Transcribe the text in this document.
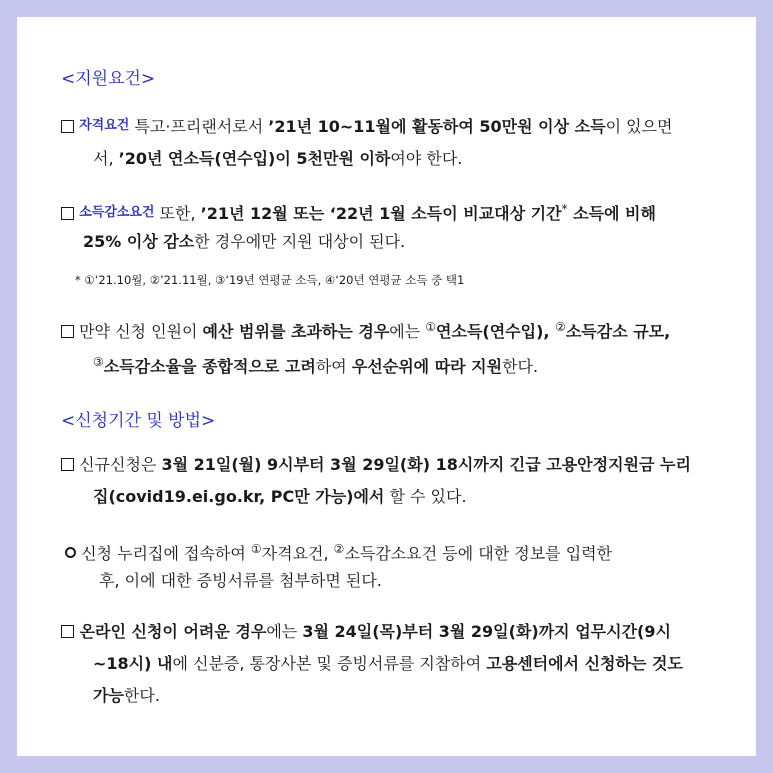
<지원요건>
자격요건 특고·프리랜서로서 ’21년 10~11월에 활동하여 50만원 이상 소득이 있으면
서, ’20년 연소득(연수입)이 5천만원 이하여야 한다.
소득감소요건 또한, ’21년 12월 또는 ‘22년 1월 소득이 비교대상 기간* 소득에 비해
25% 이상 감소한 경우에만 지원 대상이 된다.
* ①‘21.10월, ②’21.11월, ③‘19년 연평균 소득, ④‘20년 연평균 소득 중 택1
만약 신청 인원이 예산 범위를 초과하는 경우에는 ①연소득(연수입), ②소득감소 규모,
③소득감소율을 종합적으로 고려하여 우선순위에 따라 지원한다.
<신청기간 및 방법>
신규신청은 3월 21일(월) 9시부터 3월 29일(화) 18시까지 긴급 고용안정지원금 누리
집(covid19.ei.go.kr, PC만 가능)에서 할 수 있다.
신청 누리집에 접속하여 ①자격요건, ②소득감소요건 등에 대한 정보를 입력한
후, 이에 대한 증빙서류를 첨부하면 된다.
온라인 신청이 어려운 경우에는 3월 24일(목)부터 3월 29일(화)까지 업무시간(9시
~18시) 내에 신분증, 통장사본 및 증빙서류를 지참하여 고용센터에서 신청하는 것도
가능한다.
